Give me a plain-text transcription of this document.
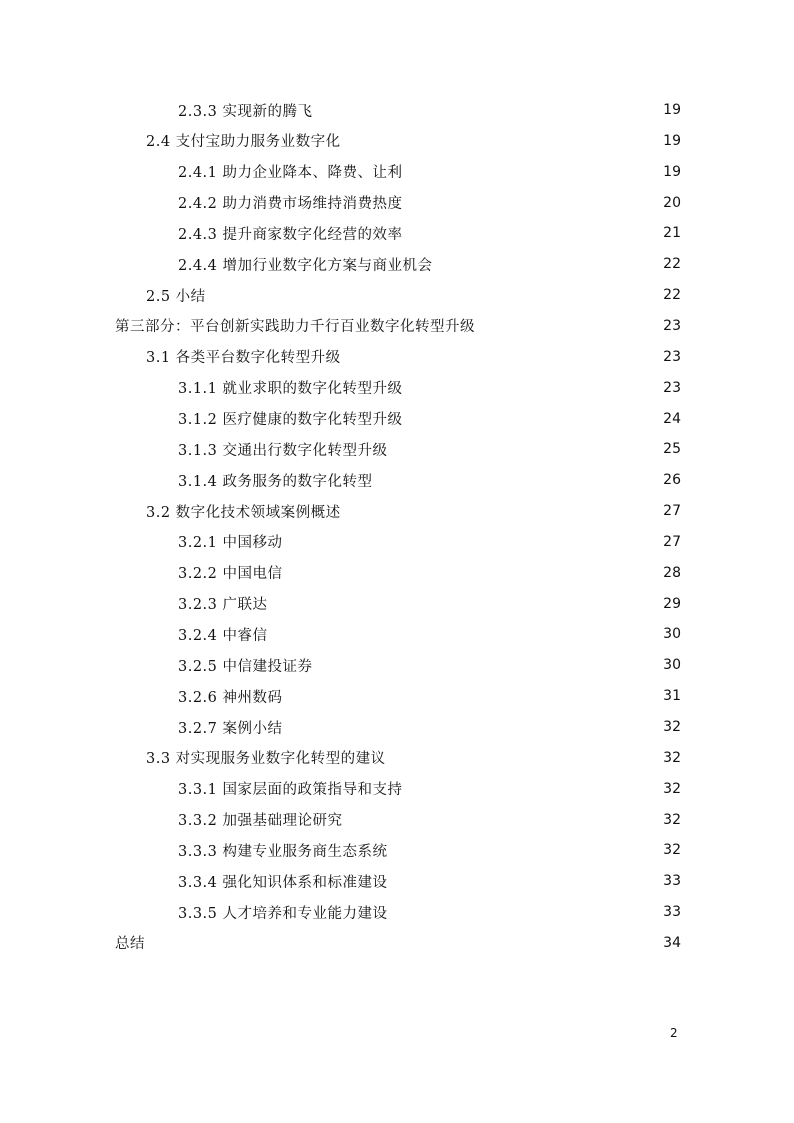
2.3.3 实现新的腾飞	19
2.4 支付宝助力服务业数字化	19
2.4.1 助力企业降本、降费、让利	19
2.4.2 助力消费市场维持消费热度	20
2.4.3 提升商家数字化经营的效率	21
2.4.4 增加行业数字化方案与商业机会	22
2.5 小结	22
第三部分：平台创新实践助力千行百业数字化转型升级	23
3.1 各类平台数字化转型升级	23
3.1.1 就业求职的数字化转型升级	23
3.1.2 医疗健康的数字化转型升级	24
3.1.3 交通出行数字化转型升级	25
3.1.4 政务服务的数字化转型	26
3.2 数字化技术领域案例概述	27
3.2.1 中国移动	27
3.2.2 中国电信	28
3.2.3 广联达	29
3.2.4 中睿信	30
3.2.5 中信建投证券	30
3.2.6 神州数码	31
3.2.7 案例小结	32
3.3 对实现服务业数字化转型的建议	32
3.3.1 国家层面的政策指导和支持	32
3.3.2 加强基础理论研究	32
3.3.3 构建专业服务商生态系统	32
3.3.4 强化知识体系和标准建设	33
3.3.5 人才培养和专业能力建设	33
总结	34
2
